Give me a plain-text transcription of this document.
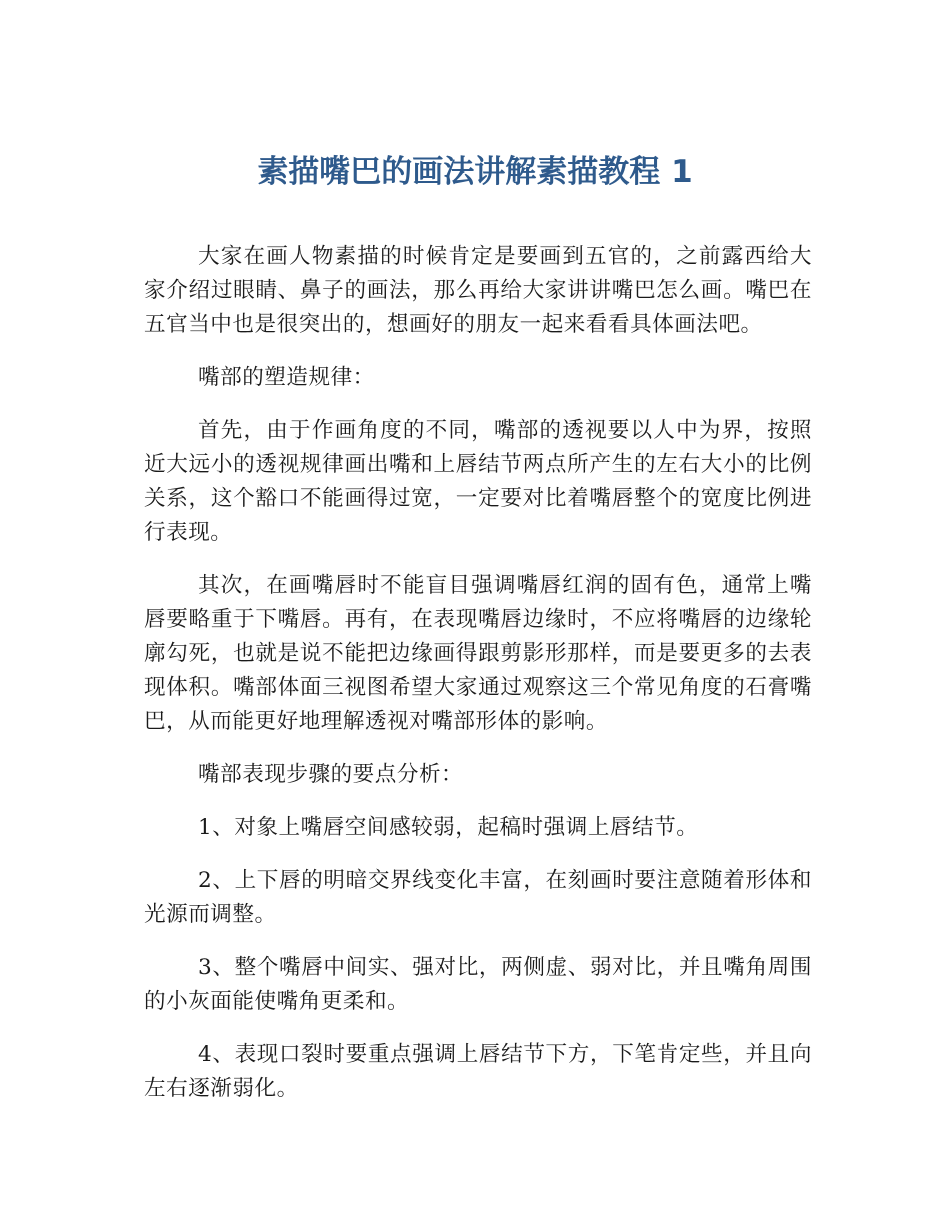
素描嘴巴的画法讲解素描教程 1

大家在画人物素描的时候肯定是要画到五官的，之前露西给大家介绍过眼睛、鼻子的画法，那么再给大家讲讲嘴巴怎么画。嘴巴在五官当中也是很突出的，想画好的朋友一起来看看具体画法吧。

嘴部的塑造规律：

首先，由于作画角度的不同，嘴部的透视要以人中为界，按照近大远小的透视规律画出嘴和上唇结节两点所产生的左右大小的比例关系，这个豁口不能画得过宽，一定要对比着嘴唇整个的宽度比例进行表现。

其次，在画嘴唇时不能盲目强调嘴唇红润的固有色，通常上嘴唇要略重于下嘴唇。再有，在表现嘴唇边缘时，不应将嘴唇的边缘轮廓勾死，也就是说不能把边缘画得跟剪影形那样，而是要更多的去表现体积。嘴部体面三视图希望大家通过观察这三个常见角度的石膏嘴巴，从而能更好地理解透视对嘴部形体的影响。

嘴部表现步骤的要点分析：

1、对象上嘴唇空间感较弱，起稿时强调上唇结节。

2、上下唇的明暗交界线变化丰富，在刻画时要注意随着形体和光源而调整。

3、整个嘴唇中间实、强对比，两侧虚、弱对比，并且嘴角周围的小灰面能使嘴角更柔和。

4、表现口裂时要重点强调上唇结节下方，下笔肯定些，并且向左右逐渐弱化。
